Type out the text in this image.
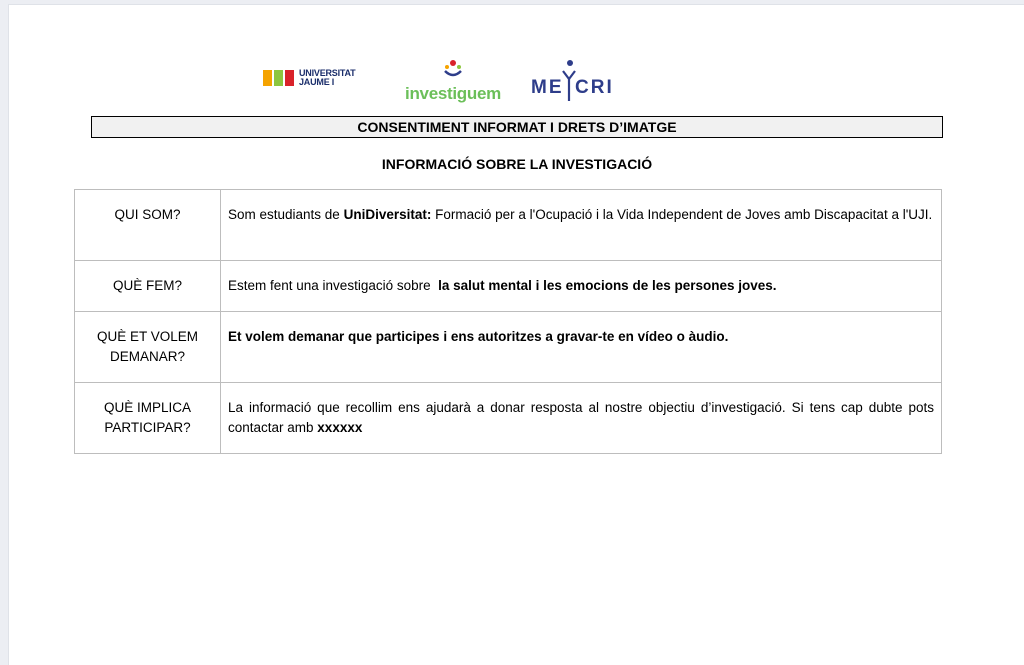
UNIVERSITAT
JAUME I
investiguem ME CRI
CONSENTIMENT INFORMAT I DRETS D’IMATGE
INFORMACIÓ SOBRE LA INVESTIGACIÓ
QUI SOM?	Som estudiants de UniDiversitat: Formació per a l'Ocupació i la Vida Independent de Joves amb Discapacitat a l'UJI.
QUÈ FEM?	Estem fent una investigació sobre  la salut mental i les emocions de les persones joves.
QUÈ ET VOLEM
DEMANAR?	Et volem demanar que participes i ens autoritzes a gravar-te en vídeo o àudio.
QUÈ IMPLICA
PARTICIPAR?	La informació que recollim ens ajudarà a donar resposta al nostre objectiu d’investigació. Si tens cap dubte pots contactar amb xxxxxx
